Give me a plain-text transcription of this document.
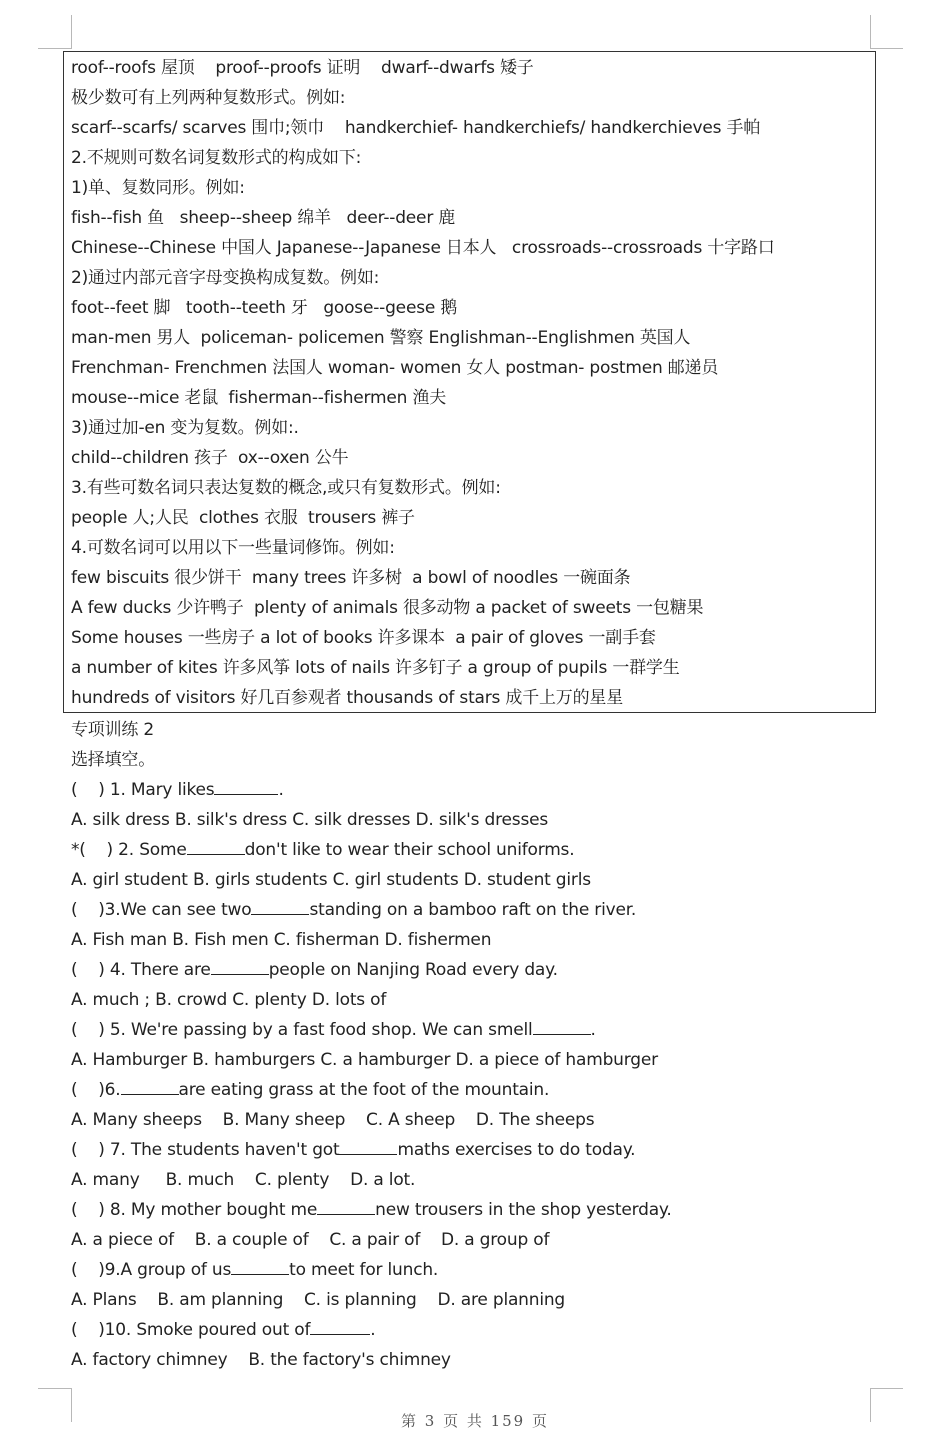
roof--roofs 屋顶    proof--proofs 证明    dwarf--dwarfs 矮子
极少数可有上列两种复数形式。例如:
scarf--scarfs/ scarves 围巾;领巾    handkerchief- handkerchiefs/ handkerchieves 手帕
2.不规则可数名词复数形式的构成如下:
1)单、复数同形。例如:
fish--fish 鱼   sheep--sheep 绵羊   deer--deer 鹿
Chinese--Chinese 中国人 Japanese--Japanese 日本人   crossroads--crossroads 十字路口
2)通过内部元音字母变换构成复数。例如:
foot--feet 脚   tooth--teeth 牙   goose--geese 鹅
man-men 男人  policeman- policemen 警察 Englishman--Englishmen 英国人
Frenchman- Frenchmen 法国人 woman- women 女人 postman- postmen 邮递员
mouse--mice 老鼠  fisherman--fishermen 渔夫
3)通过加-en 变为复数。例如:.
child--children 孩子  ox--oxen 公牛
3.有些可数名词只表达复数的概念,或只有复数形式。例如:
people 人;人民  clothes 衣服  trousers 裤子
4.可数名词可以用以下一些量词修饰。例如:
few biscuits 很少饼干  many trees 许多树  a bowl of noodles 一碗面条
A few ducks 少许鸭子  plenty of animals 很多动物 a packet of sweets 一包糖果
Some houses 一些房子 a lot of books 许多课本  a pair of gloves 一副手套
a number of kites 许多风筝 lots of nails 许多钉子 a group of pupils 一群学生
hundreds of visitors 好几百参观者 thousands of stars 成千上万的星星
专项训练 2
选择填空。
(    ) 1. Mary likes	.
A. silk dress B. silk's dress C. silk dresses D. silk's dresses
*(    ) 2. Some	don't like to wear their school uniforms.
A. girl student B. girls students C. girl students D. student girls
(    )3.We can see two	standing on a bamboo raft on the river.
A. Fish man B. Fish men C. fisherman D. fishermen
(    ) 4. There are	people on Nanjing Road every day.
A. much ; B. crowd C. plenty D. lots of
(    ) 5. We're passing by a fast food shop. We can smell	.
A. Hamburger B. hamburgers C. a hamburger D. a piece of hamburger
(    )6.	are eating grass at the foot of the mountain.
A. Many sheeps    B. Many sheep    C. A sheep    D. The sheeps
(    ) 7. The students haven't got	maths exercises to do today.
A. many     B. much    C. plenty    D. a lot.
(    ) 8. My mother bought me	new trousers in the shop yesterday.
A. a piece of    B. a couple of    C. a pair of    D. a group of
(    )9.A group of us	to meet for lunch.
A. Plans    B. am planning    C. is planning    D. are planning
(    )10. Smoke poured out of	.
A. factory chimney    B. the factory's chimney
第 3 页 共 159 页
